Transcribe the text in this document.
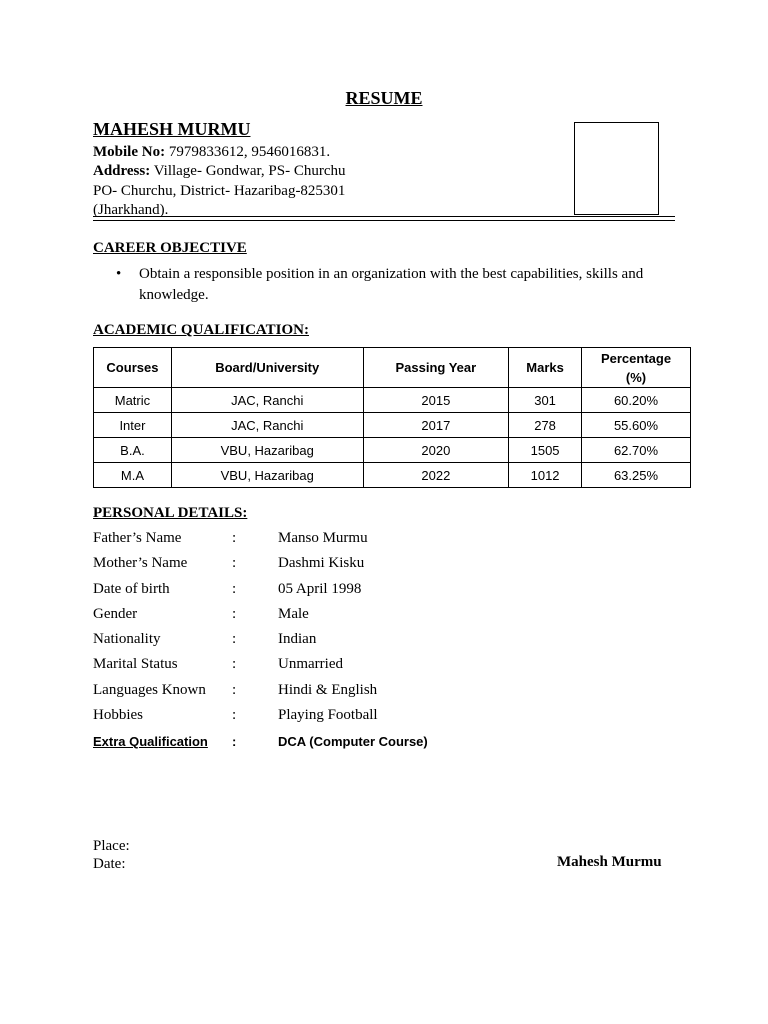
RESUME
MAHESH MURMU
Mobile No: 7979833612, 9546016831.
Address: Village- Gondwar, PS- Churchu
PO- Churchu, District- Hazaribag-825301
(Jharkhand).
CAREER OBJECTIVE
• Obtain a responsible position in an organization with the best capabilities, skills and knowledge.
ACADEMIC QUALIFICATION:
Courses	Board/University	Passing Year	Marks	Percentage (%)
Matric	JAC, Ranchi	2015	301	60.20%
Inter	JAC, Ranchi	2017	278	55.60%
B.A.	VBU, Hazaribag	2020	1505	62.70%
M.A	VBU, Hazaribag	2022	1012	63.25%
PERSONAL DETAILS:
Father’s Name	:	Manso Murmu
Mother’s Name	:	Dashmi Kisku
Date of birth	:	05 April 1998
Gender	:	Male
Nationality	:	Indian
Marital Status	:	Unmarried
Languages Known :	Hindi & English
Hobbies	:	Playing Football
Extra Qualification :	DCA (Computer Course)
Place:
Date:	Mahesh Murmu
